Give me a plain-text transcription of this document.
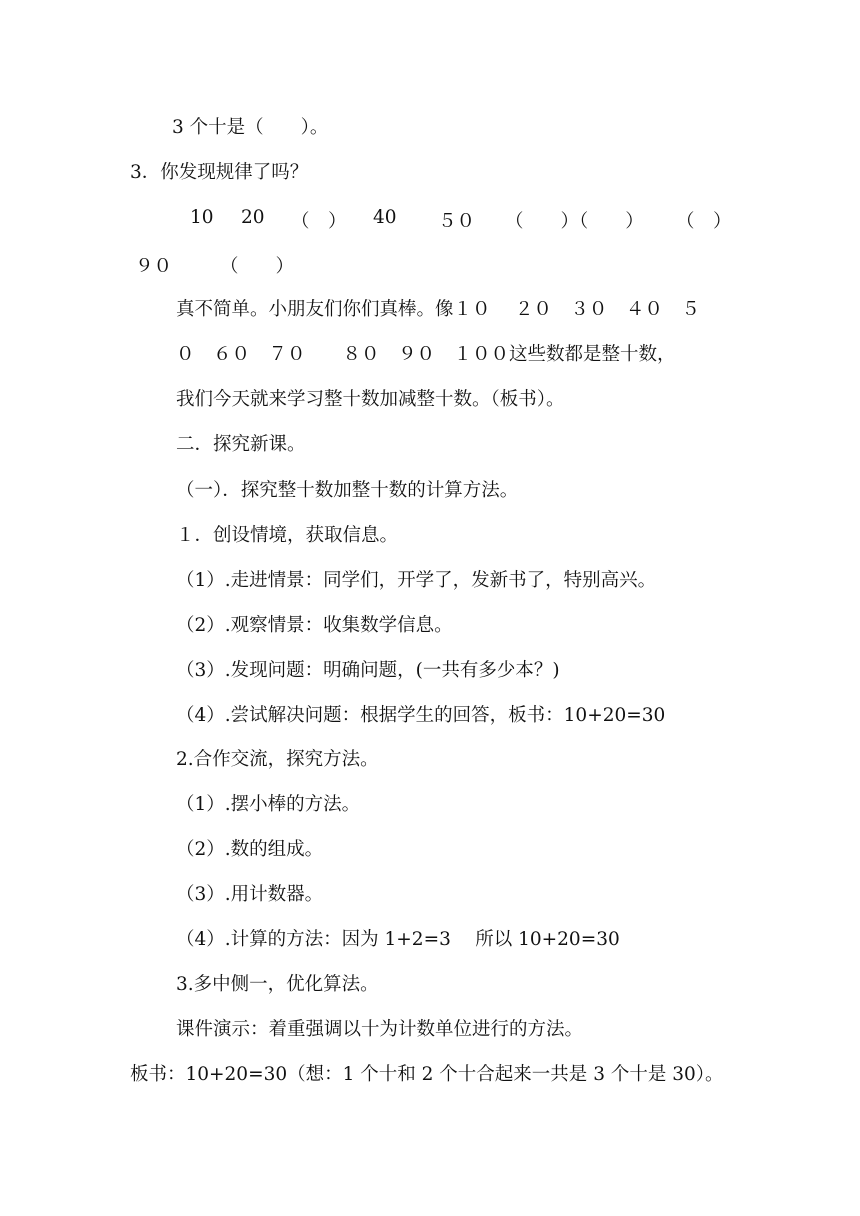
3 个十是（　　）。

3．你发现规律了吗？

10 20 （　） 40 ５０ （　　）（　　） （　）
９０	（　　）

真不简单。小朋友们你们真棒。像１０　 ２０　３０　４０　５

０　６０　７０　　８０　９０　１００这些数都是整十数，

我们今天就来学习整十数加减整十数。（板书）。

二．探究新课。

（一）．探究整十数加整十数的计算方法。

１．创设情境，获取信息。

（1）.走进情景：同学们，开学了，发新书了，特别高兴。

（2）.观察情景：收集数学信息。

（3）.发现问题：明确问题，(一共有多少本？)

（4）.尝试解决问题：根据学生的回答，板书：10+20=30

2.合作交流，探究方法。

（1）.摆小棒的方法。

（2）.数的组成。

（3）.用计数器。

（4）.计算的方法：因为 1+2=3　 所以 10+20=30

3.多中侧一，优化算法。

课件演示：着重强调以十为计数单位进行的方法。

板书：10+20=30（想：1 个十和 2 个十合起来一共是 3 个十是 30）。
